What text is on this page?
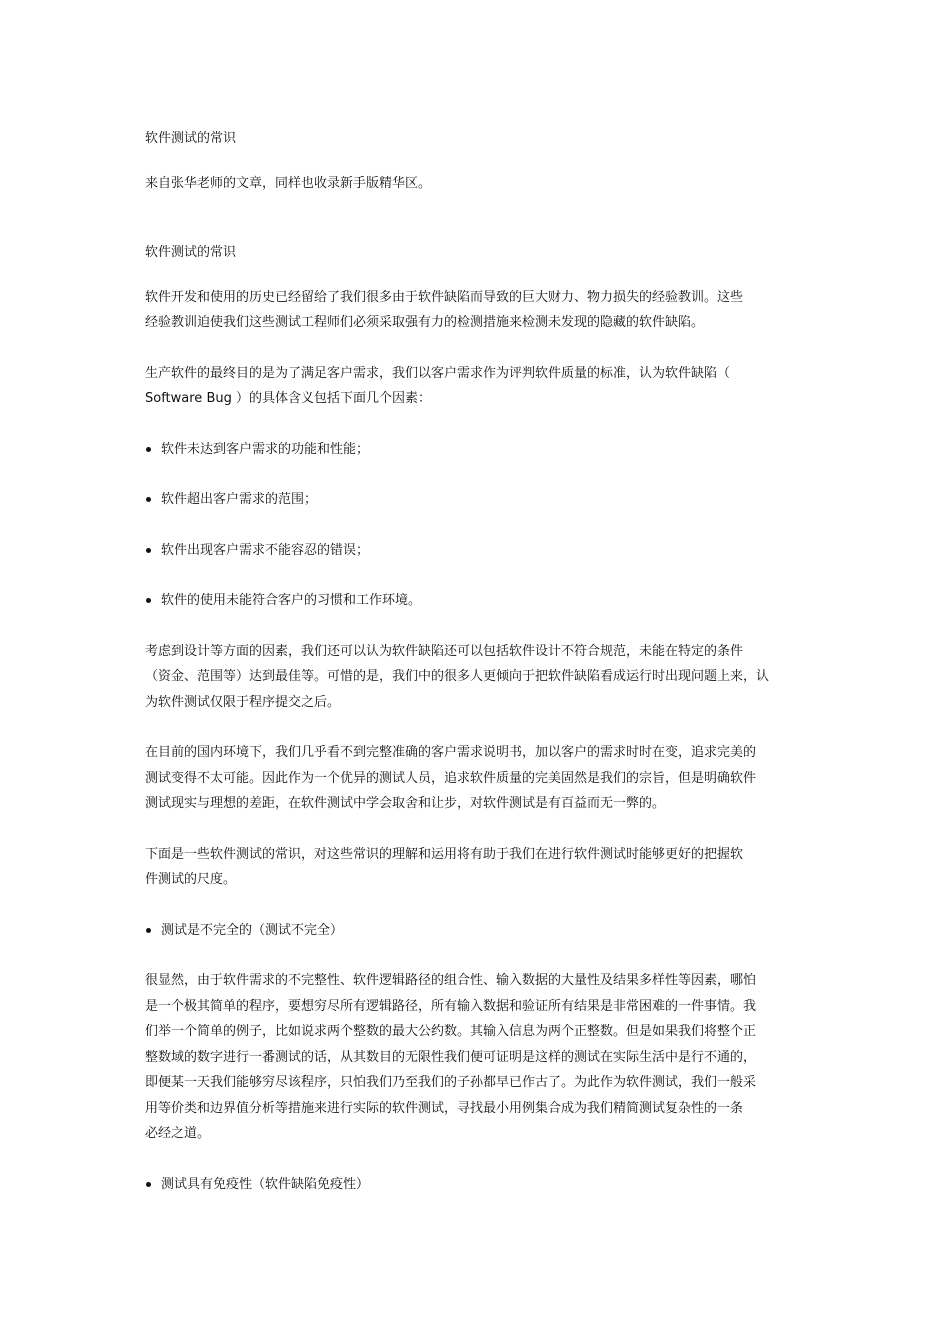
软件测试的常识

来自张华老师的文章，同样也收录新手版精华区。

软件测试的常识

软件开发和使用的历史已经留给了我们很多由于软件缺陷而导致的巨大财力、物力损失的经验教训。这些

经验教训迫使我们这些测试工程师们必须采取强有力的检测措施来检测未发现的隐藏的软件缺陷。

生产软件的最终目的是为了满足客户需求，我们以客户需求作为评判软件质量的标准，认为软件缺陷（

Software Bug ）的具体含义包括下面几个因素：

软件未达到客户需求的功能和性能；
软件超出客户需求的范围；
软件出现客户需求不能容忍的错误；
软件的使用未能符合客户的习惯和工作环境。

考虑到设计等方面的因素，我们还可以认为软件缺陷还可以包括软件设计不符合规范，未能在特定的条件

（资金、范围等）达到最佳等。可惜的是，我们中的很多人更倾向于把软件缺陷看成运行时出现问题上来，认

为软件测试仅限于程序提交之后。

在目前的国内环境下，我们几乎看不到完整准确的客户需求说明书，加以客户的需求时时在变，追求完美的

测试变得不太可能。因此作为一个优异的测试人员，追求软件质量的完美固然是我们的宗旨，但是明确软件

测试现实与理想的差距，在软件测试中学会取舍和让步，对软件测试是有百益而无一弊的。

下面是一些软件测试的常识，对这些常识的理解和运用将有助于我们在进行软件测试时能够更好的把握软

件测试的尺度。

测试是不完全的（测试不完全）

很显然，由于软件需求的不完整性、软件逻辑路径的组合性、输入数据的大量性及结果多样性等因素，哪怕

是一个极其简单的程序，要想穷尽所有逻辑路径，所有输入数据和验证所有结果是非常困难的一件事情。我

们举一个简单的例子，比如说求两个整数的最大公约数。其输入信息为两个正整数。但是如果我们将整个正

整数域的数字进行一番测试的话，从其数目的无限性我们便可证明是这样的测试在实际生活中是行不通的，

即便某一天我们能够穷尽该程序，只怕我们乃至我们的子孙都早已作古了。为此作为软件测试，我们一般采

用等价类和边界值分析等措施来进行实际的软件测试，寻找最小用例集合成为我们精简测试复杂性的一条

必经之道。

测试具有免疫性（软件缺陷免疫性）
